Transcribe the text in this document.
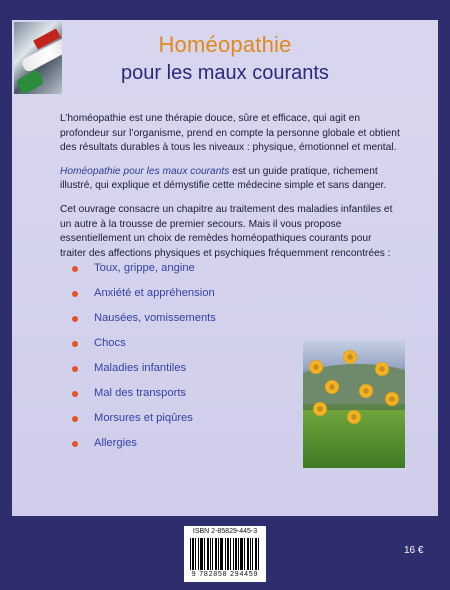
Homéopathie
pour les maux courants

L’homéopathie est une thérapie douce, sûre et efficace, qui agit en profondeur sur l’organisme, prend en compte la personne globale et obtient des résultats durables à tous les niveaux : physique, émotionnel et mental.

Homéopathie pour les maux courants est un guide pratique, richement illustré, qui explique et démystifie cette médecine simple et sans danger.

Cet ouvrage consacre un chapitre au traitement des maladies infantiles et un autre à la trousse de premier secours. Mais il vous propose essentiellement un choix de remèdes homéopathiques courants pour traiter des affections physiques et psychiques fréquemment rencontrées :

Toux, grippe, angine
Anxiété et appréhension
Nausées, vomissements
Chocs
Maladies infantiles
Mal des transports
Morsures et piqûres
Allergies
ISBN 2-85829-445-3
9 782858 294459
16 €
